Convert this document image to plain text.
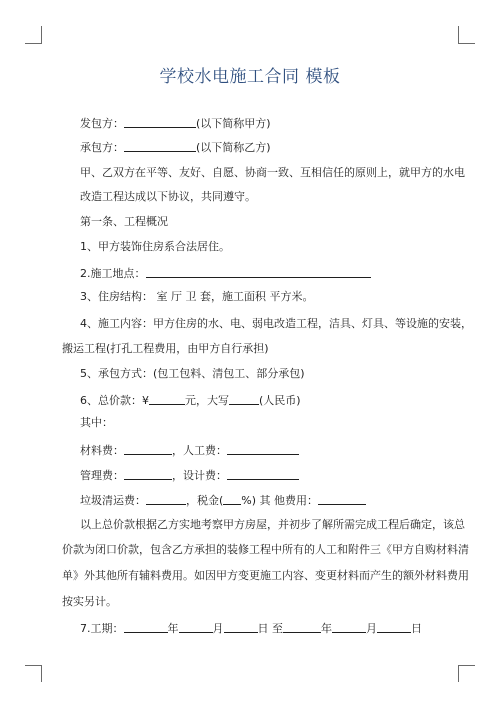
学校水电施工合同 模板
发包方：	(以下简称甲方)
承包方：	(以下简称乙方)
甲、乙双方在平等、友好、自愿、协商一致、互相信任的原则上，就甲方的水电
改造工程达成以下协议，共同遵守。
第一条、工程概况
1、甲方装饰住房系合法居住。
2.施工地点：
3、住房结构： 室 厅 卫 套，施工面积 平方米。
4、施工内容：甲方住房的水、电、弱电改造工程，洁具、灯具、等设施的安装，
搬运工程(打孔工程费用，由甲方自行承担)
5、承包方式：(包工包料、清包工、部分承包)
6、总价款：¥	元，大写	(人民币)
其中：
材料费：	，人工费：
管理费：	，设计费：
垃圾清运费：	，税金( %) 其 他费用：
以上总价款根据乙方实地考察甲方房屋，并初步了解所需完成工程后确定，该总
价款为闭口价款，包含乙方承担的装修工程中所有的人工和附件三《甲方自购材料清
单》外其他所有辅料费用。如因甲方变更施工内容、变更材料而产生的额外材料费用
按实另计。
7.工期：	年	月	日 至	年	月	日
